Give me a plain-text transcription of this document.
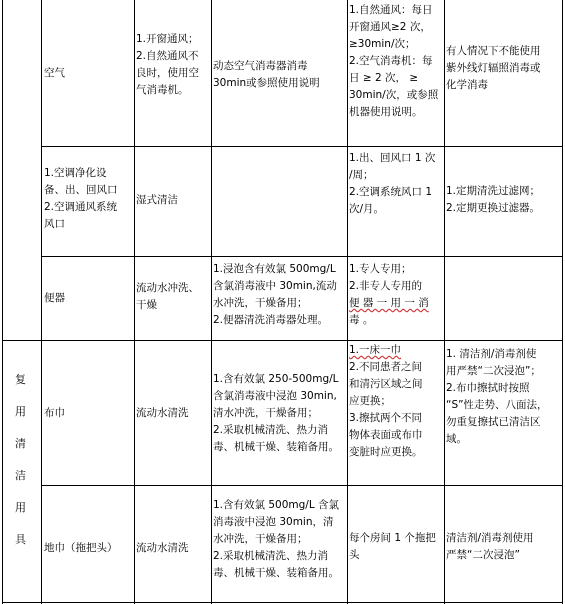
空气
1.开窗通风；
2.自然通风不
良时，使用空
气消毒机。
动态空气消毒器消毒
30min或参照使用说明
1.自然通风：每日
开窗通风≥2 次，
≥30min/次；
2.空气消毒机：每
日 ≥ 2 次， ≥
30min/次，或参照
机器使用说明。
有人情况下不能使用
紫外线灯辐照消毒或
化学消毒
1.空调净化设
备、出、回风口
2.空调通风系统
风口
湿式清洁
1.出、回风口 1 次
/周；
2.空调系统风口 1
次/月。
1.定期清洗过滤网；
2.定期更换过滤器。
便器
流动水冲洗、
干燥
1.浸泡含有效氯 500mg/L
含氯消毒液中 30min,流动
水冲洗，干燥备用；
2.便器清洗消毒器处理。
1.专人专用；
2.非专人专用的
便 器 一 用 一 消
毒 。
复
用
清
洁
用
具
布巾	流动水清洗
1.含有效氯 250-500mg/L
含氯消毒液中浸泡 30min,
清水冲洗，干燥备用；
2.采取机械清洗、热力消
毒、机械干燥、装箱备用。
1.一床一巾
2.不同患者之间
和清污区域之间
应更换；
3.擦拭两个不同
物体表面或布巾
变脏时应更换。
1. 清洁剂/消毒剂使
用严禁“二次浸泡”；
2.布巾擦拭时按照
“S”性走势、八面法，
勿重复擦拭已清洁区
域。
地巾（拖把头） 流动水清洗
1.含有效氯 500mg/L 含氯
消毒液中浸泡 30min，清
水冲洗，干燥备用；
2.采取机械清洗、热力消
毒、机械干燥、装箱备用。
每个房间 1 个拖把
头
清洁剂/消毒剂使用
严禁“二次浸泡”
